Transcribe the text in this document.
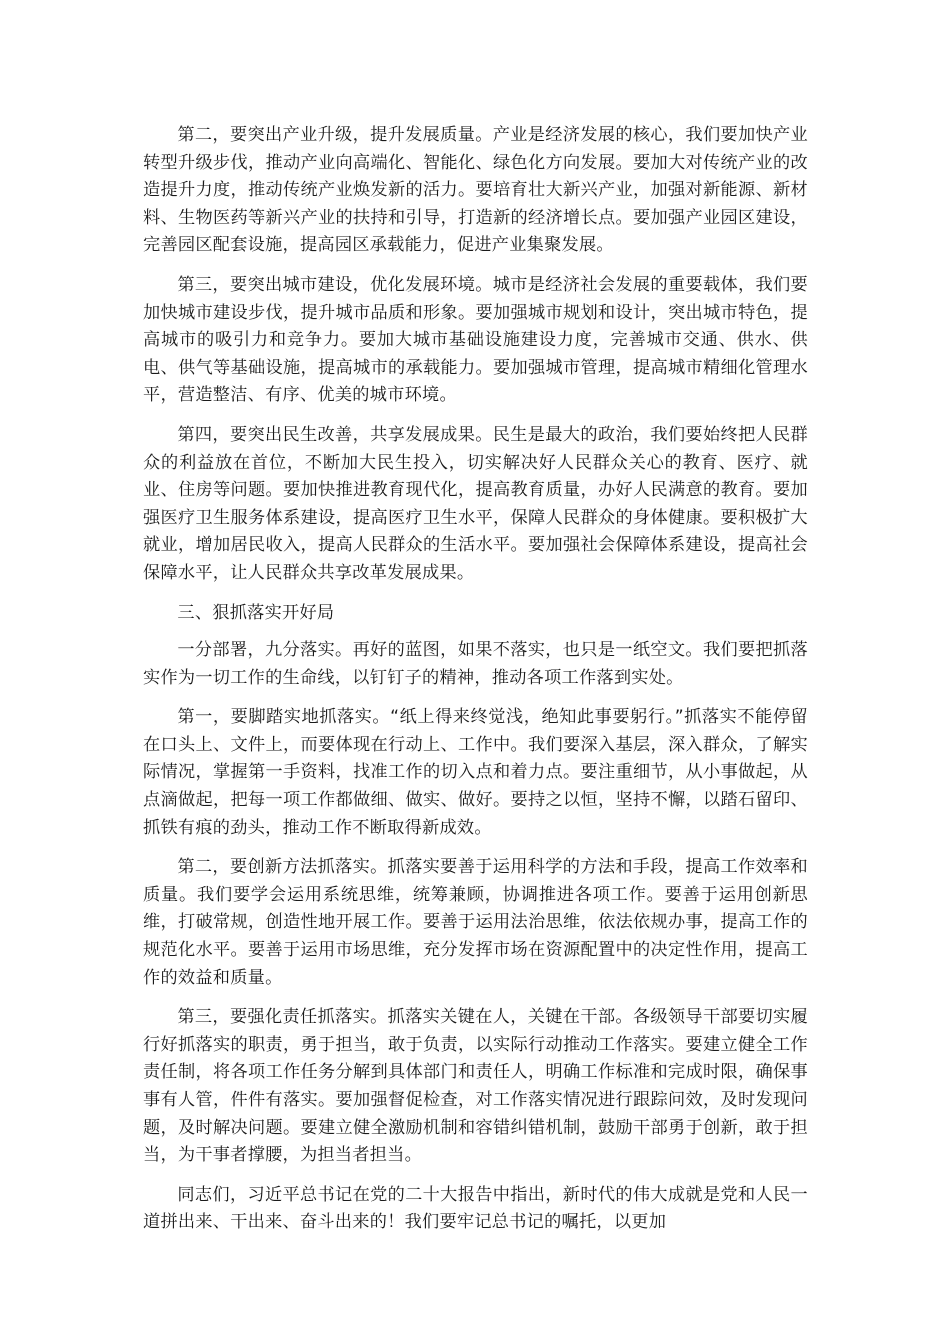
第二，要突出产业升级，提升发展质量。产业是经济发展的核心，我们要加快产业转型升级步伐，推动产业向高端化、智能化、绿色化方向发展。要加大对传统产业的改造提升力度，推动传统产业焕发新的活力。要培育壮大新兴产业，加强对新能源、新材料、生物医药等新兴产业的扶持和引导，打造新的经济增长点。要加强产业园区建设，完善园区配套设施，提高园区承载能力，促进产业集聚发展。

第三，要突出城市建设，优化发展环境。城市是经济社会发展的重要载体，我们要加快城市建设步伐，提升城市品质和形象。要加强城市规划和设计，突出城市特色，提高城市的吸引力和竞争力。要加大城市基础设施建设力度，完善城市交通、供水、供电、供气等基础设施，提高城市的承载能力。要加强城市管理，提高城市精细化管理水平，营造整洁、有序、优美的城市环境。

第四，要突出民生改善，共享发展成果。民生是最大的政治，我们要始终把人民群众的利益放在首位，不断加大民生投入，切实解决好人民群众关心的教育、医疗、就业、住房等问题。要加快推进教育现代化，提高教育质量，办好人民满意的教育。要加强医疗卫生服务体系建设，提高医疗卫生水平，保障人民群众的身体健康。要积极扩大就业，增加居民收入，提高人民群众的生活水平。要加强社会保障体系建设，提高社会保障水平，让人民群众共享改革发展成果。

三、狠抓落实开好局

一分部署，九分落实。再好的蓝图，如果不落实，也只是一纸空文。我们要把抓落实作为一切工作的生命线，以钉钉子的精神，推动各项工作落到实处。

第一，要脚踏实地抓落实。“纸上得来终觉浅，绝知此事要躬行。”抓落实不能停留在口头上、文件上，而要体现在行动上、工作中。我们要深入基层，深入群众，了解实际情况，掌握第一手资料，找准工作的切入点和着力点。要注重细节，从小事做起，从点滴做起，把每一项工作都做细、做实、做好。要持之以恒，坚持不懈，以踏石留印、抓铁有痕的劲头，推动工作不断取得新成效。

第二，要创新方法抓落实。抓落实要善于运用科学的方法和手段，提高工作效率和质量。我们要学会运用系统思维，统筹兼顾，协调推进各项工作。要善于运用创新思维，打破常规，创造性地开展工作。要善于运用法治思维，依法依规办事，提高工作的规范化水平。要善于运用市场思维，充分发挥市场在资源配置中的决定性作用，提高工作的效益和质量。

第三，要强化责任抓落实。抓落实关键在人，关键在干部。各级领导干部要切实履行好抓落实的职责，勇于担当，敢于负责，以实际行动推动工作落实。要建立健全工作责任制，将各项工作任务分解到具体部门和责任人，明确工作标准和完成时限，确保事事有人管，件件有落实。要加强督促检查，对工作落实情况进行跟踪问效，及时发现问题，及时解决问题。要建立健全激励机制和容错纠错机制，鼓励干部勇于创新，敢于担当，为干事者撑腰，为担当者担当。

同志们，习近平总书记在党的二十大报告中指出，新时代的伟大成就是党和人民一道拼出来、干出来、奋斗出来的！我们要牢记总书记的嘱托，以更加
